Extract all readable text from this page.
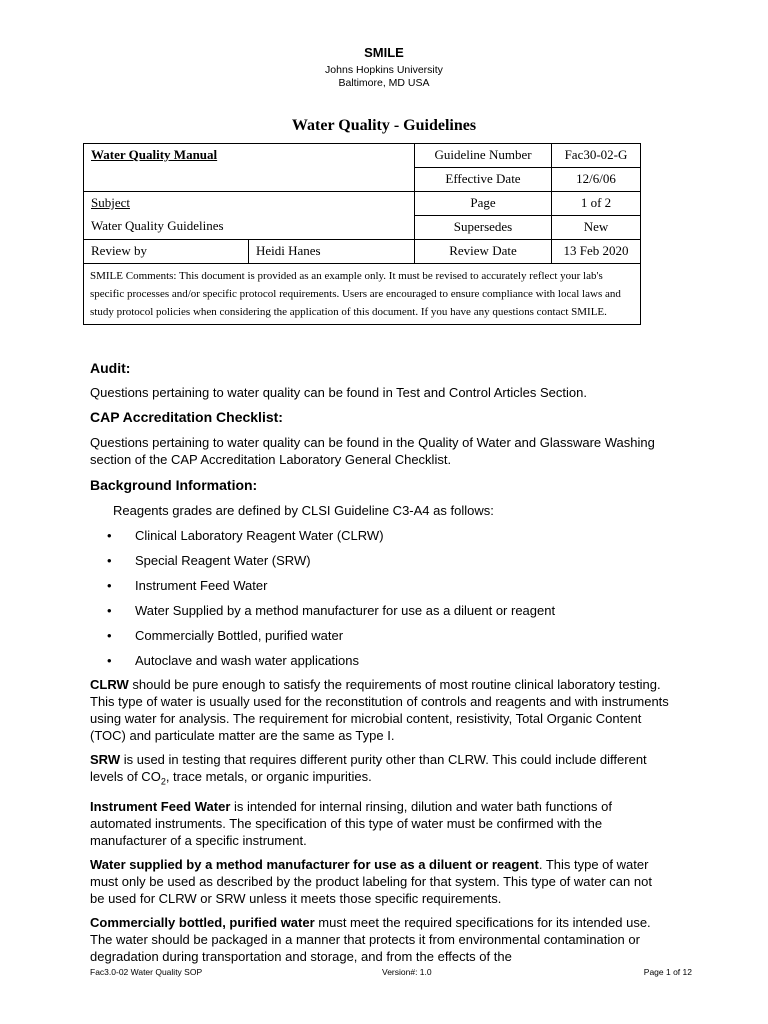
SMILE
Johns Hopkins University
Baltimore, MD USA
Water Quality - Guidelines
Water Quality Manual		Guideline Number	Fac30-02-G
		Effective Date	12/6/06

Subject
Water Quality Guidelines		Page	1 of 2
		Supersedes	New
Review by	Heidi Hanes	Review Date	13 Feb 2020
SMILE Comments: This document is provided as an example only. It must be revised to accurately reflect your lab's specific processes and/or specific protocol requirements. Users are encouraged to ensure compliance with local laws and study protocol policies when considering the application of this document. If you have any questions contact SMILE.			
Audit:

Questions pertaining to water quality can be found in Test and Control Articles Section.

CAP Accreditation Checklist:

Questions pertaining to water quality can be found in the Quality of Water and Glassware Washing section of the CAP Accreditation Laboratory General Checklist.

Background Information:

Reagents grades are defined by CLSI Guideline C3-A4 as follows:

• Clinical Laboratory Reagent Water (CLRW)
• Special Reagent Water (SRW)
• Instrument Feed Water
• Water Supplied by a method manufacturer for use as a diluent or reagent
• Commercially Bottled, purified water
• Autoclave and wash water applications

CLRW should be pure enough to satisfy the requirements of most routine clinical laboratory testing. This type of water is usually used for the reconstitution of controls and reagents and with instruments using water for analysis. The requirement for microbial content, resistivity, Total Organic Content (TOC) and particulate matter are the same as Type I.

SRW is used in testing that requires different purity other than CLRW. This could include different levels of $CO_2$, trace metals, or organic impurities.

Instrument Feed Water is intended for internal rinsing, dilution and water bath functions of automated instruments. The specification of this type of water must be confirmed with the manufacturer of a specific instrument.

Water supplied by a method manufacturer for use as a diluent or reagent. This type of water must only be used as described by the product labeling for that system. This type of water can not be used for CLRW or SRW unless it meets those specific requirements.

Commercially bottled, purified water must meet the required specifications for its intended use. The water should be packaged in a manner that protects it from environmental contamination or degradation during transportation and storage, and from the effects of the

Fac3.0-02 Water Quality SOP	Version#: 1.0	Page 1 of 12
